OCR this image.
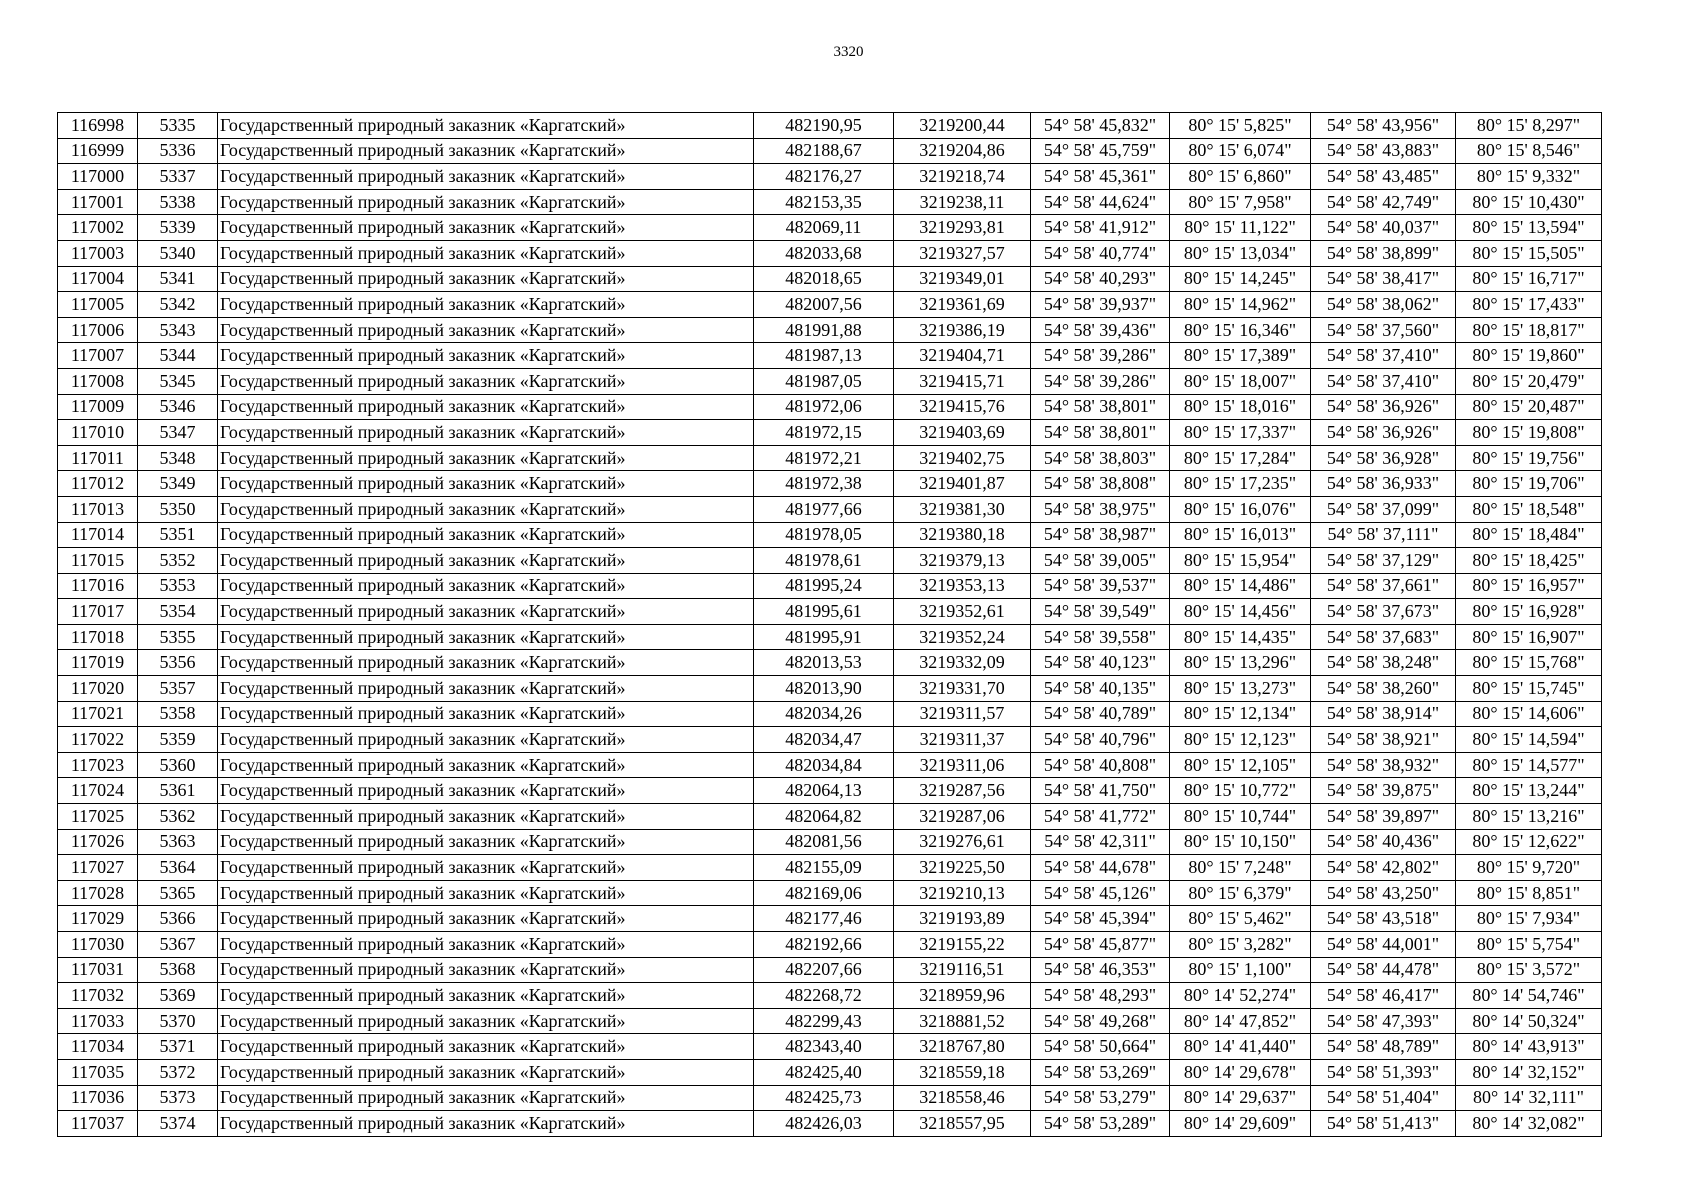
3320
116998	5335	Государственный природный заказник «Каргатский»	482190,95	3219200,44	54° 58' 45,832"	80° 15' 5,825"	54° 58' 43,956"	80° 15' 8,297"
116999	5336	Государственный природный заказник «Каргатский»	482188,67	3219204,86	54° 58' 45,759"	80° 15' 6,074"	54° 58' 43,883"	80° 15' 8,546"
117000	5337	Государственный природный заказник «Каргатский»	482176,27	3219218,74	54° 58' 45,361"	80° 15' 6,860"	54° 58' 43,485"	80° 15' 9,332"
117001	5338	Государственный природный заказник «Каргатский»	482153,35	3219238,11	54° 58' 44,624"	80° 15' 7,958"	54° 58' 42,749"	80° 15' 10,430"
117002	5339	Государственный природный заказник «Каргатский»	482069,11	3219293,81	54° 58' 41,912"	80° 15' 11,122"	54° 58' 40,037"	80° 15' 13,594"
117003	5340	Государственный природный заказник «Каргатский»	482033,68	3219327,57	54° 58' 40,774"	80° 15' 13,034"	54° 58' 38,899"	80° 15' 15,505"
117004	5341	Государственный природный заказник «Каргатский»	482018,65	3219349,01	54° 58' 40,293"	80° 15' 14,245"	54° 58' 38,417"	80° 15' 16,717"
117005	5342	Государственный природный заказник «Каргатский»	482007,56	3219361,69	54° 58' 39,937"	80° 15' 14,962"	54° 58' 38,062"	80° 15' 17,433"
117006	5343	Государственный природный заказник «Каргатский»	481991,88	3219386,19	54° 58' 39,436"	80° 15' 16,346"	54° 58' 37,560"	80° 15' 18,817"
117007	5344	Государственный природный заказник «Каргатский»	481987,13	3219404,71	54° 58' 39,286"	80° 15' 17,389"	54° 58' 37,410"	80° 15' 19,860"
117008	5345	Государственный природный заказник «Каргатский»	481987,05	3219415,71	54° 58' 39,286"	80° 15' 18,007"	54° 58' 37,410"	80° 15' 20,479"
117009	5346	Государственный природный заказник «Каргатский»	481972,06	3219415,76	54° 58' 38,801"	80° 15' 18,016"	54° 58' 36,926"	80° 15' 20,487"
117010	5347	Государственный природный заказник «Каргатский»	481972,15	3219403,69	54° 58' 38,801"	80° 15' 17,337"	54° 58' 36,926"	80° 15' 19,808"
117011	5348	Государственный природный заказник «Каргатский»	481972,21	3219402,75	54° 58' 38,803"	80° 15' 17,284"	54° 58' 36,928"	80° 15' 19,756"
117012	5349	Государственный природный заказник «Каргатский»	481972,38	3219401,87	54° 58' 38,808"	80° 15' 17,235"	54° 58' 36,933"	80° 15' 19,706"
117013	5350	Государственный природный заказник «Каргатский»	481977,66	3219381,30	54° 58' 38,975"	80° 15' 16,076"	54° 58' 37,099"	80° 15' 18,548"
117014	5351	Государственный природный заказник «Каргатский»	481978,05	3219380,18	54° 58' 38,987"	80° 15' 16,013"	54° 58' 37,111"	80° 15' 18,484"
117015	5352	Государственный природный заказник «Каргатский»	481978,61	3219379,13	54° 58' 39,005"	80° 15' 15,954"	54° 58' 37,129"	80° 15' 18,425"
117016	5353	Государственный природный заказник «Каргатский»	481995,24	3219353,13	54° 58' 39,537"	80° 15' 14,486"	54° 58' 37,661"	80° 15' 16,957"
117017	5354	Государственный природный заказник «Каргатский»	481995,61	3219352,61	54° 58' 39,549"	80° 15' 14,456"	54° 58' 37,673"	80° 15' 16,928"
117018	5355	Государственный природный заказник «Каргатский»	481995,91	3219352,24	54° 58' 39,558"	80° 15' 14,435"	54° 58' 37,683"	80° 15' 16,907"
117019	5356	Государственный природный заказник «Каргатский»	482013,53	3219332,09	54° 58' 40,123"	80° 15' 13,296"	54° 58' 38,248"	80° 15' 15,768"
117020	5357	Государственный природный заказник «Каргатский»	482013,90	3219331,70	54° 58' 40,135"	80° 15' 13,273"	54° 58' 38,260"	80° 15' 15,745"
117021	5358	Государственный природный заказник «Каргатский»	482034,26	3219311,57	54° 58' 40,789"	80° 15' 12,134"	54° 58' 38,914"	80° 15' 14,606"
117022	5359	Государственный природный заказник «Каргатский»	482034,47	3219311,37	54° 58' 40,796"	80° 15' 12,123"	54° 58' 38,921"	80° 15' 14,594"
117023	5360	Государственный природный заказник «Каргатский»	482034,84	3219311,06	54° 58' 40,808"	80° 15' 12,105"	54° 58' 38,932"	80° 15' 14,577"
117024	5361	Государственный природный заказник «Каргатский»	482064,13	3219287,56	54° 58' 41,750"	80° 15' 10,772"	54° 58' 39,875"	80° 15' 13,244"
117025	5362	Государственный природный заказник «Каргатский»	482064,82	3219287,06	54° 58' 41,772"	80° 15' 10,744"	54° 58' 39,897"	80° 15' 13,216"
117026	5363	Государственный природный заказник «Каргатский»	482081,56	3219276,61	54° 58' 42,311"	80° 15' 10,150"	54° 58' 40,436"	80° 15' 12,622"
117027	5364	Государственный природный заказник «Каргатский»	482155,09	3219225,50	54° 58' 44,678"	80° 15' 7,248"	54° 58' 42,802"	80° 15' 9,720"
117028	5365	Государственный природный заказник «Каргатский»	482169,06	3219210,13	54° 58' 45,126"	80° 15' 6,379"	54° 58' 43,250"	80° 15' 8,851"
117029	5366	Государственный природный заказник «Каргатский»	482177,46	3219193,89	54° 58' 45,394"	80° 15' 5,462"	54° 58' 43,518"	80° 15' 7,934"
117030	5367	Государственный природный заказник «Каргатский»	482192,66	3219155,22	54° 58' 45,877"	80° 15' 3,282"	54° 58' 44,001"	80° 15' 5,754"
117031	5368	Государственный природный заказник «Каргатский»	482207,66	3219116,51	54° 58' 46,353"	80° 15' 1,100"	54° 58' 44,478"	80° 15' 3,572"
117032	5369	Государственный природный заказник «Каргатский»	482268,72	3218959,96	54° 58' 48,293"	80° 14' 52,274"	54° 58' 46,417"	80° 14' 54,746"
117033	5370	Государственный природный заказник «Каргатский»	482299,43	3218881,52	54° 58' 49,268"	80° 14' 47,852"	54° 58' 47,393"	80° 14' 50,324"
117034	5371	Государственный природный заказник «Каргатский»	482343,40	3218767,80	54° 58' 50,664"	80° 14' 41,440"	54° 58' 48,789"	80° 14' 43,913"
117035	5372	Государственный природный заказник «Каргатский»	482425,40	3218559,18	54° 58' 53,269"	80° 14' 29,678"	54° 58' 51,393"	80° 14' 32,152"
117036	5373	Государственный природный заказник «Каргатский»	482425,73	3218558,46	54° 58' 53,279"	80° 14' 29,637"	54° 58' 51,404"	80° 14' 32,111"
117037	5374	Государственный природный заказник «Каргатский»	482426,03	3218557,95	54° 58' 53,289"	80° 14' 29,609"	54° 58' 51,413"	80° 14' 32,082"
